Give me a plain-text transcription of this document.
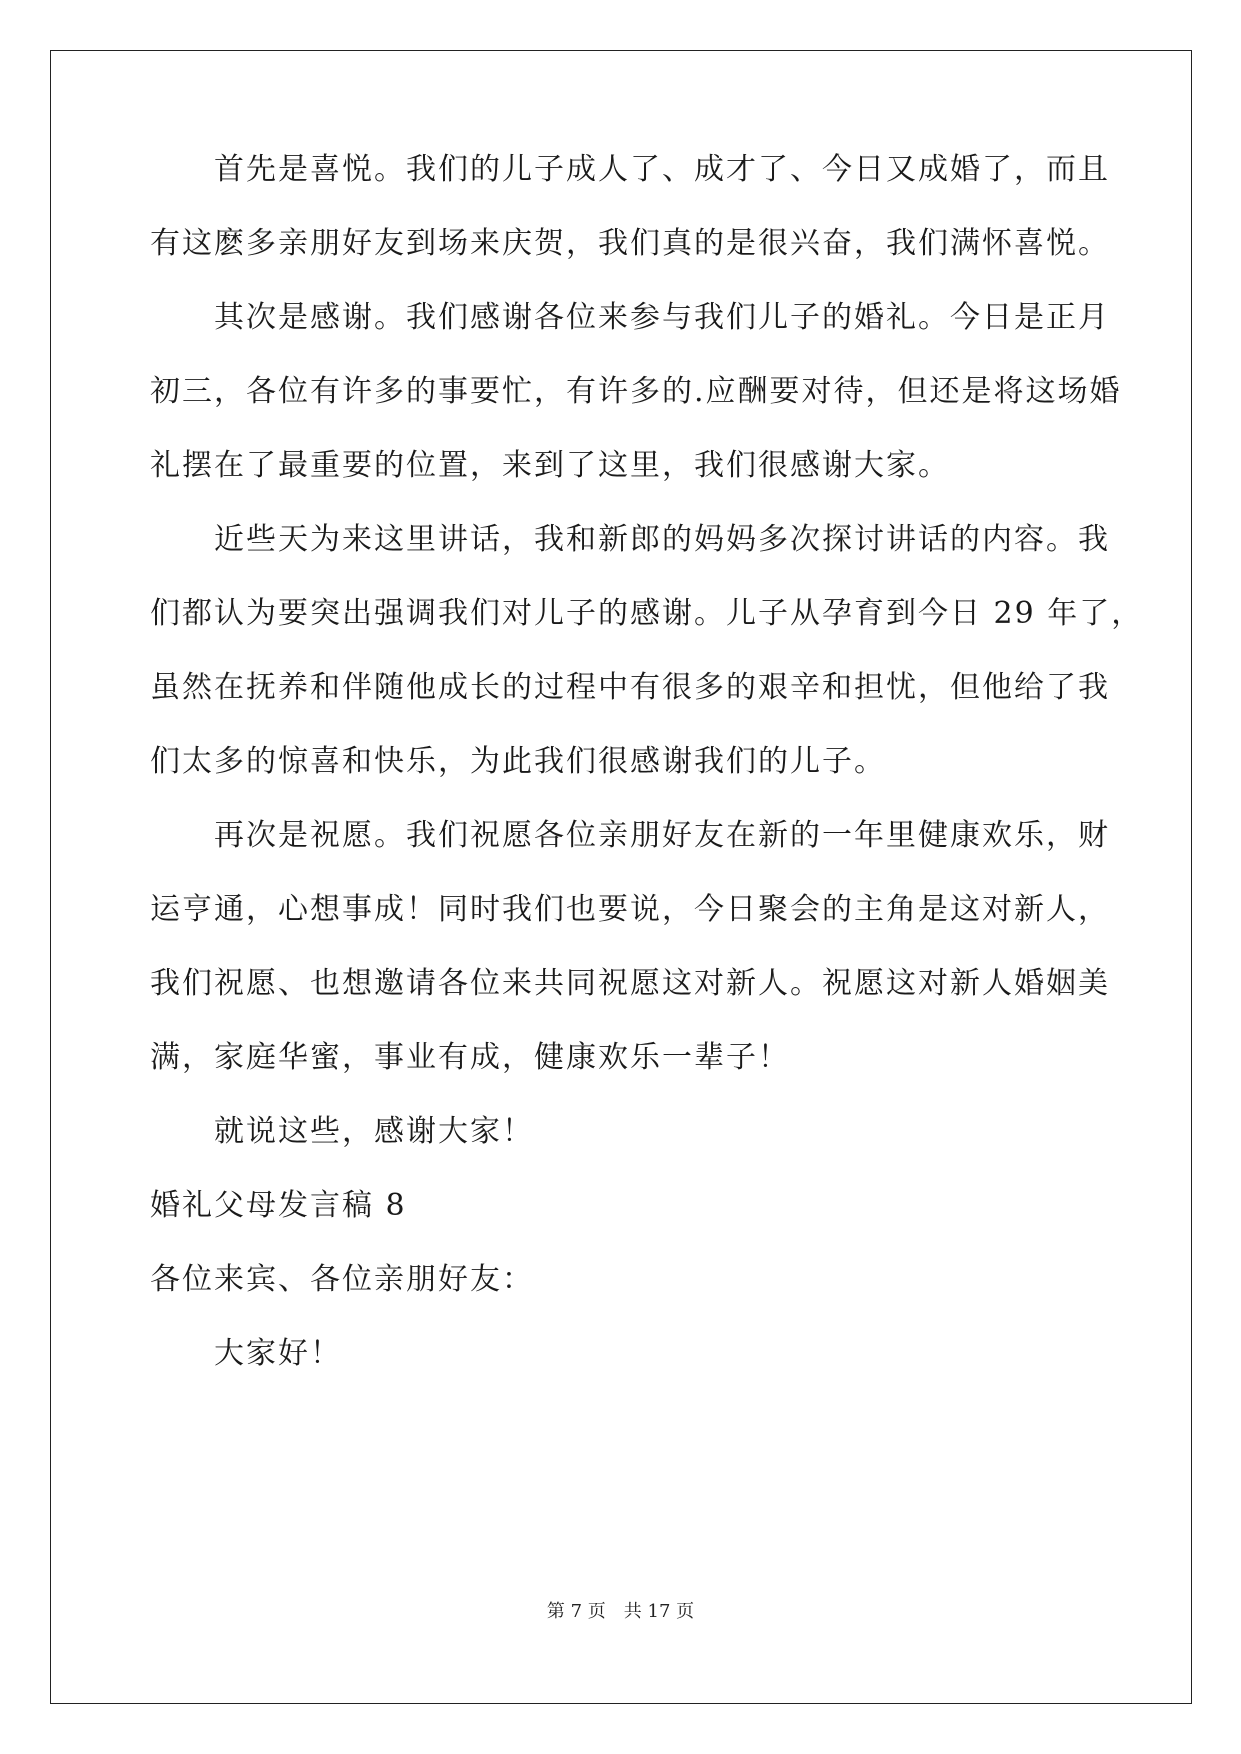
首先是喜悦。我们的儿子成人了、成才了、今日又成婚了，而且
有这麽多亲朋好友到场来庆贺，我们真的是很兴奋，我们满怀喜悦。
其次是感谢。我们感谢各位来参与我们儿子的婚礼。今日是正月
初三，各位有许多的事要忙，有许多的.应酬要对待，但还是将这场婚
礼摆在了最重要的位置，来到了这里，我们很感谢大家。
近些天为来这里讲话，我和新郎的妈妈多次探讨讲话的内容。我
们都认为要突出强调我们对儿子的感谢。儿子从孕育到今日 29 年了，
虽然在抚养和伴随他成长的过程中有很多的艰辛和担忧，但他给了我
们太多的惊喜和快乐，为此我们很感谢我们的儿子。
再次是祝愿。我们祝愿各位亲朋好友在新的一年里健康欢乐，财
运亨通，心想事成！同时我们也要说，今日聚会的主角是这对新人，
我们祝愿、也想邀请各位来共同祝愿这对新人。祝愿这对新人婚姻美
满，家庭华蜜，事业有成，健康欢乐一辈子！
就说这些，感谢大家！
婚礼父母发言稿 8
各位来宾、各位亲朋好友：
大家好！
第 7 页　共 17 页
